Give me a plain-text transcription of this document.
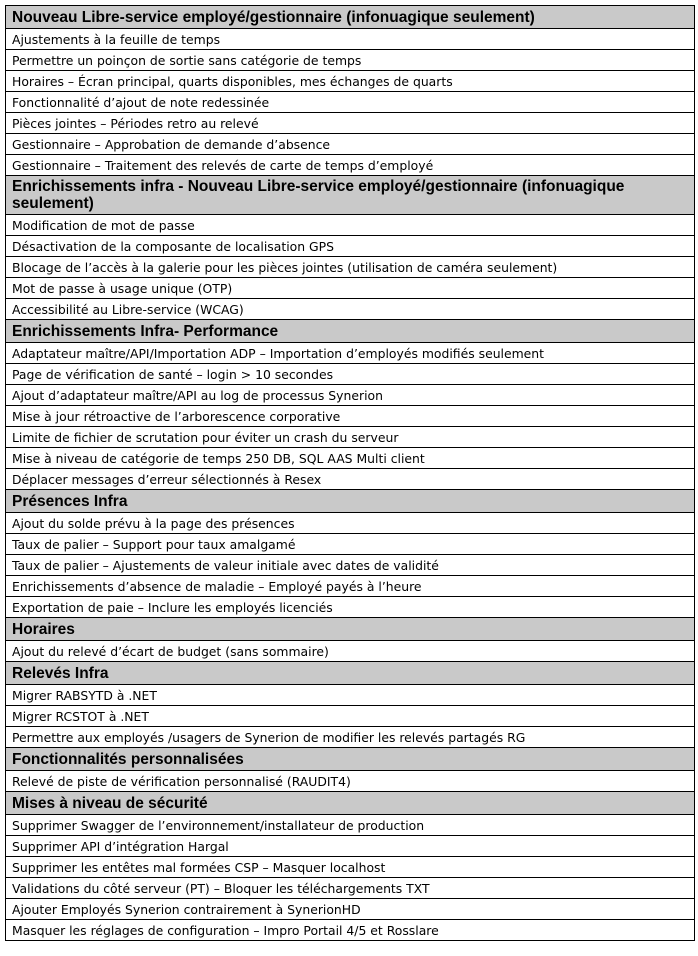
Nouveau Libre-service employé/gestionnaire (infonuagique seulement)
Ajustements à la feuille de temps
Permettre un poinçon de sortie sans catégorie de temps
Horaires – Écran principal, quarts disponibles, mes échanges de quarts
Fonctionnalité d’ajout de note redessinée
Pièces jointes – Périodes retro au relevé
Gestionnaire – Approbation de demande d’absence
Gestionnaire – Traitement des relevés de carte de temps d’employé
Enrichissements infra - Nouveau Libre-service employé/gestionnaire (infonuagique seulement)
Modification de mot de passe
Désactivation de la composante de localisation GPS
Blocage de l’accès à la galerie pour les pièces jointes (utilisation de caméra seulement)
Mot de passe à usage unique (OTP)
Accessibilité au Libre-service (WCAG)
Enrichissements Infra- Performance
Adaptateur maître/API/Importation ADP – Importation d’employés modifiés seulement
Page de vérification de santé – login > 10 secondes
Ajout d’adaptateur maître/API au log de processus Synerion
Mise à jour rétroactive de l’arborescence corporative
Limite de fichier de scrutation pour éviter un crash du serveur
Mise à niveau de catégorie de temps 250 DB, SQL AAS Multi client
Déplacer messages d’erreur sélectionnés à Resex
Présences Infra
Ajout du solde prévu à la page des présences
Taux de palier – Support pour taux amalgamé
Taux de palier – Ajustements de valeur initiale avec dates de validité
Enrichissements d’absence de maladie – Employé payés à l’heure
Exportation de paie – Inclure les employés licenciés
Horaires
Ajout du relevé d’écart de budget (sans sommaire)
Relevés Infra
Migrer RABSYTD à .NET
Migrer RCSTOT à .NET
Permettre aux employés /usagers de Synerion de modifier les relevés partagés RG
Fonctionnalités personnalisées
Relevé de piste de vérification personnalisé (RAUDIT4)
Mises à niveau de sécurité
Supprimer Swagger de l’environnement/installateur de production
Supprimer API d’intégration Hargal
Supprimer les entêtes mal formées CSP – Masquer localhost
Validations du côté serveur (PT) – Bloquer les téléchargements TXT
Ajouter Employés Synerion contrairement à SynerionHD
Masquer les réglages de configuration – Impro Portail 4/5 et Rosslare
